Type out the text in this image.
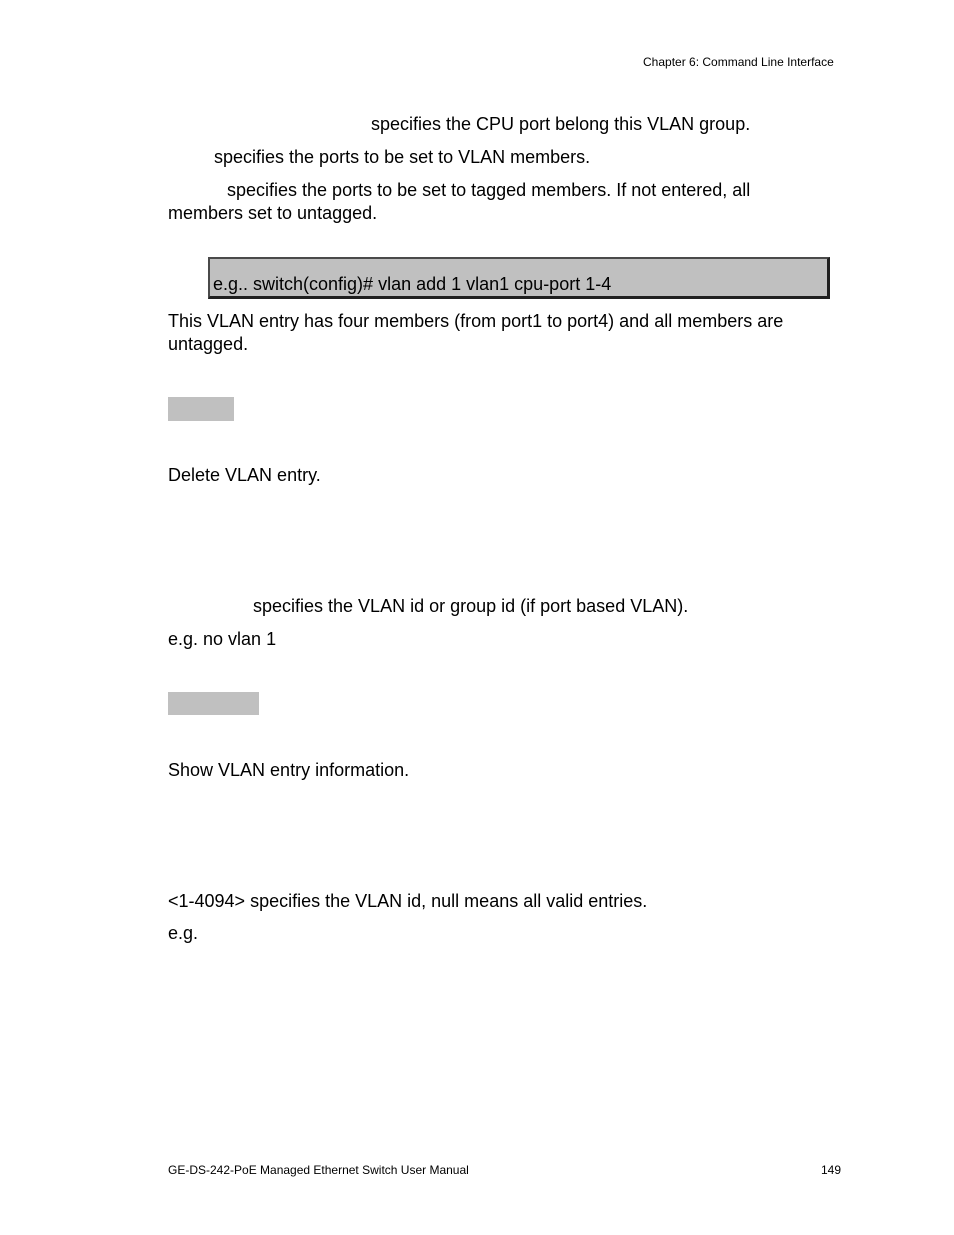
Chapter 6: Command Line Interface

specifies the CPU port belong this VLAN group.

specifies the ports to be set to VLAN members.

specifies the ports to be set to tagged members. If not entered, all

members set to untagged.

e.g.. switch(config)# vlan add 1 vlan1 cpu-port 1-4

This VLAN entry has four members (from port1 to port4) and all members are

untagged.

Delete VLAN entry.

specifies the VLAN id or group id (if port based VLAN).

e.g. no vlan 1

Show VLAN entry information.

<1-4094> specifies the VLAN id, null means all valid entries.

e.g.

GE-DS-242-PoE Managed Ethernet Switch User Manual	149
